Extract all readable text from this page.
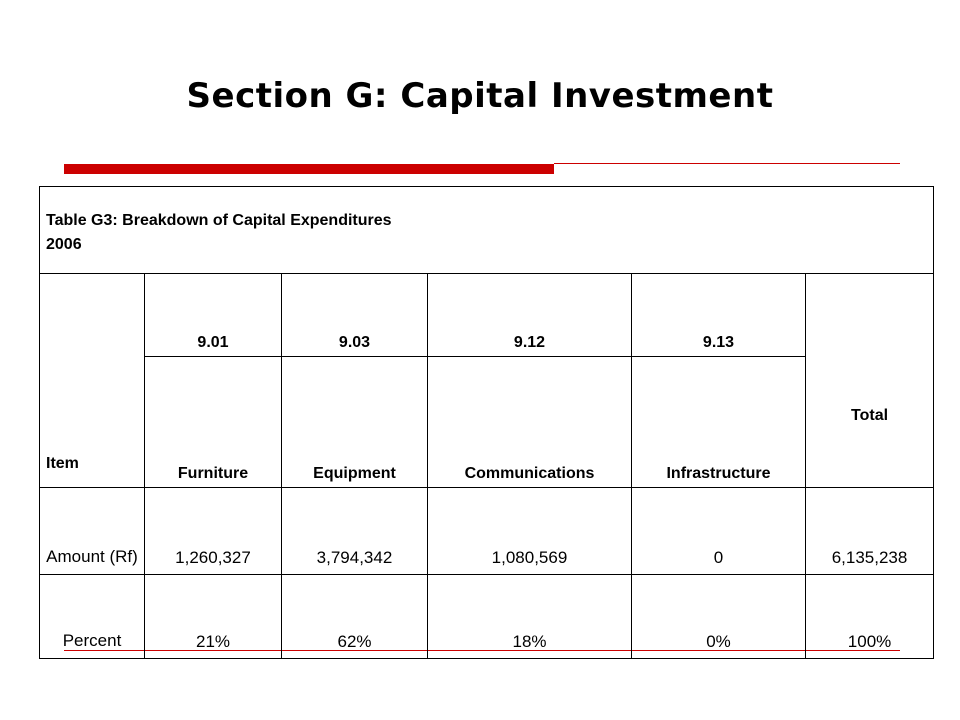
Section G: Capital Investment
Table G3: Breakdown of Capital Expenditures
2006					

Item	9.01	9.03	9.12	9.13	Total
	Furniture	Equipment	Communications	Infrastructure	
Amount (Rf)	1,260,327	3,794,342	1,080,569	0	6,135,238
Percent	21%	62%	18%	0%	100%
